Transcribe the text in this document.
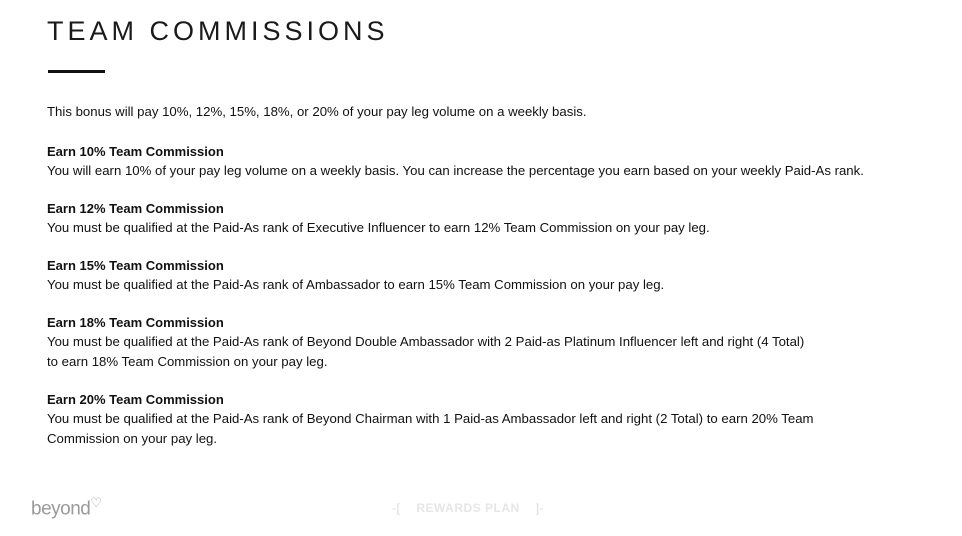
TEAM COMMISSIONS

This bonus will pay 10%, 12%, 15%, 18%, or 20% of your pay leg volume on a weekly basis.

Earn 10% Team Commission

You will earn 10% of your pay leg volume on a weekly basis. You can increase the percentage you earn based on your weekly Paid-As rank.

Earn 12% Team Commission

You must be qualified at the Paid-As rank of Executive Influencer to earn 12% Team Commission on your pay leg.

Earn 15% Team Commission

You must be qualified at the Paid-As rank of Ambassador to earn 15% Team Commission on your pay leg.

Earn 18% Team Commission

You must be qualified at the Paid-As rank of Beyond Double Ambassador with 2 Paid-as Platinum Influencer left and right (4 Total)

to earn 18% Team Commission on your pay leg.

Earn 20% Team Commission

You must be qualified at the Paid-As rank of Beyond Chairman with 1 Paid-as Ambassador left and right (2 Total) to earn 20% Team

Commission on your pay leg.

beyond♡	-[ REWARDS PLAN ]-
